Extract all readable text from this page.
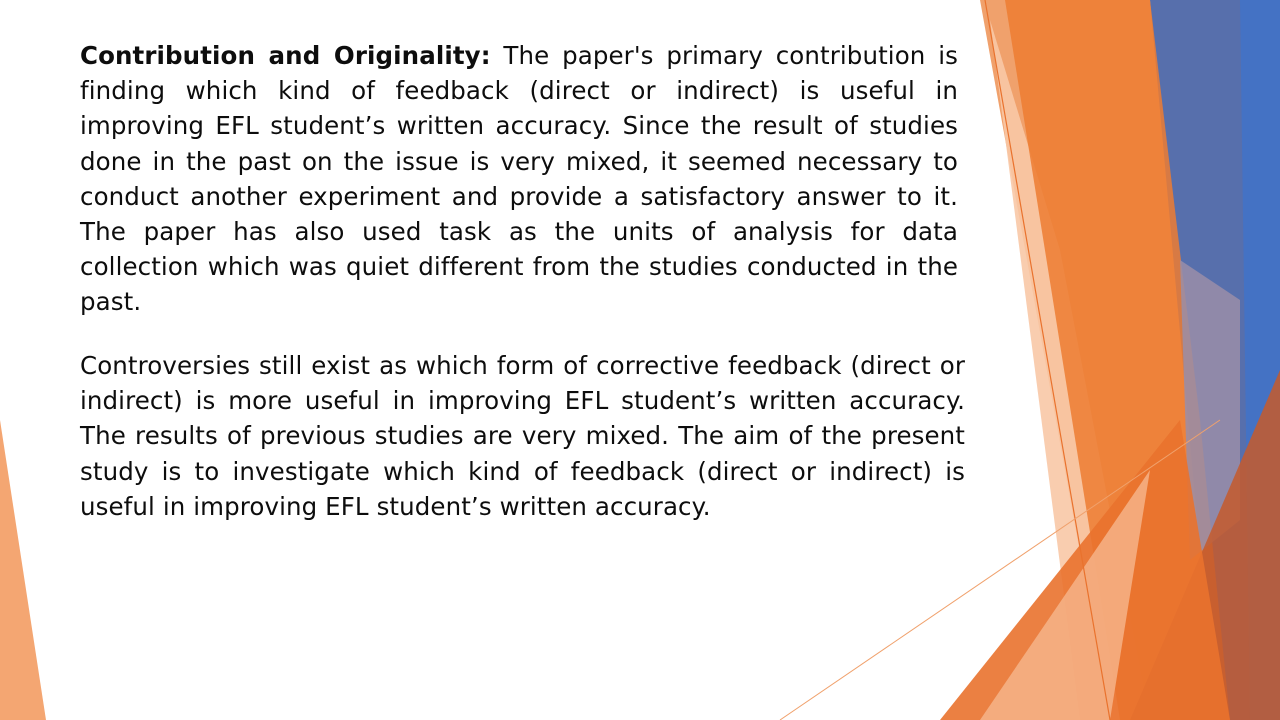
Contribution and Originality: The paper's primary contribution is finding which kind of feedback (direct or indirect) is useful in improving EFL student’s written accuracy. Since the result of studies done in the past on the issue is very mixed, it seemed necessary to conduct another experiment and provide a satisfactory answer to it. The paper has also used task as the units of analysis for data collection which was quiet different from the studies conducted in the past.

Controversies still exist as which form of corrective feedback (direct or indirect) is more useful in improving EFL student’s written accuracy. The results of previous studies are very mixed. The aim of the present study is to investigate which kind of feedback (direct or indirect) is useful in improving EFL student’s written accuracy.
